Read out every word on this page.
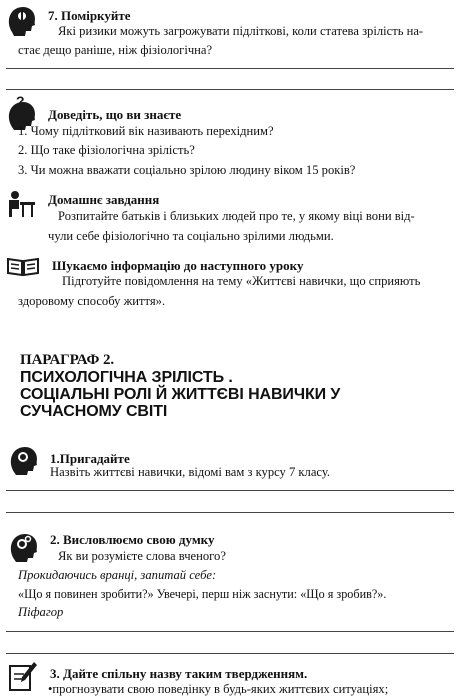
7. Поміркуйте
Які ризики можуть загрожувати підліткові, коли статева зрілість на-
стає дещо раніше, ніж фізіологічна?
?
Доведіть, що ви знаєте
1. Чому підлітковий вік називають перехідним?
2. Що таке фізіологічна зрілість?
3. Чи можна вважати соціально зрілою людину віком 15 років?
Домашнє завдання
Розпитайте батьків і близьких людей про те, у якому віці вони від-
чули себе фізіологічно та соціально зрілими людьми.
Шукаємо інформацію до наступного уроку
Підготуйте повідомлення на тему «Життєві навички, що сприяють
здоровому способу життя».
ПАРАГРАФ 2.
ПСИХОЛОГІЧНА ЗРІЛІСТЬ .
СОЦІАЛЬНІ РОЛІ Й ЖИТТЄВІ НАВИЧКИ У
СУЧАСНОМУ СВІТІ
1.Пригадайте
Назвіть життєві навички, відомі вам з курсу 7 класу.
2. Висловлюємо свою думку
Як ви розумієте слова вченого?
Прокидаючись вранці, запитай себе:
«Що я повинен зробити?» Увечері, перш ніж заснути: «Що я зробив?».
Піфагор
3. Дайте спільну назву таким твердженням.
•прогнозувати свою поведінку в будь-яких життєвих ситуаціях;
